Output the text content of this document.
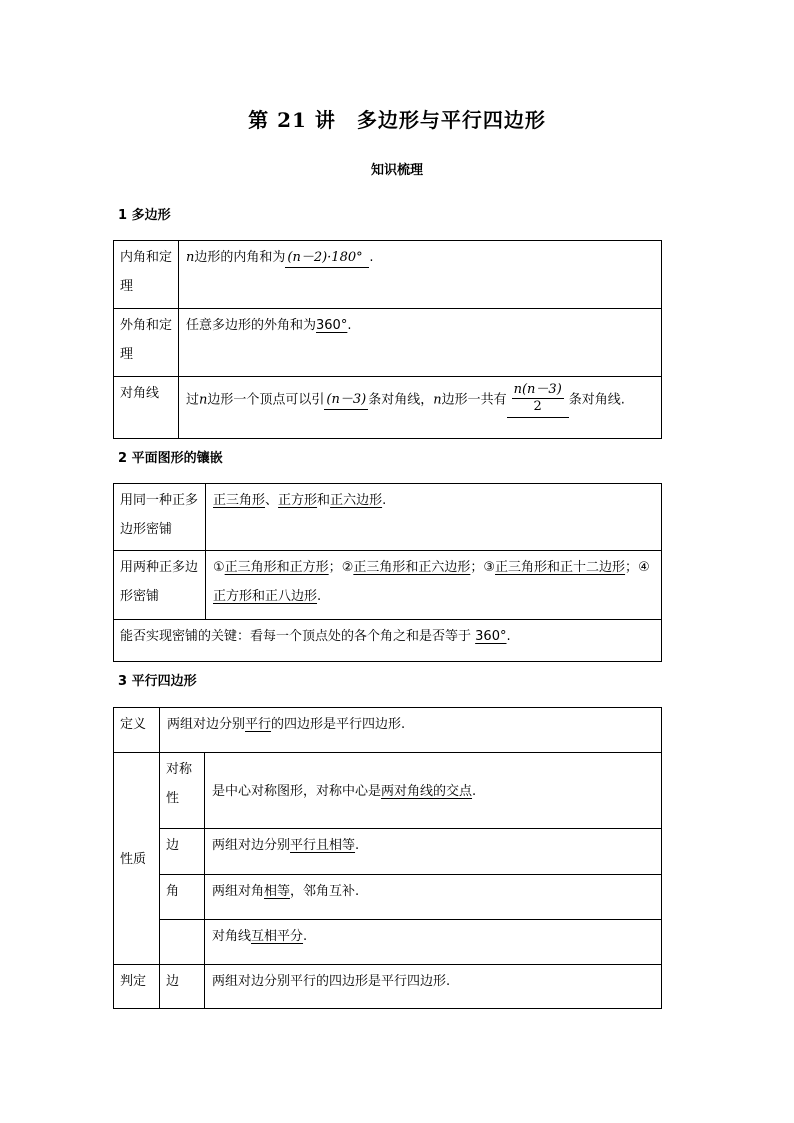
第 21 讲　多边形与平行四边形
知识梳理
1 多边形
内角和定理	n边形的内角和为 (n－2)·180° .
外角和定理	任意多边形的外角和为360°.
对角线	过n边形一个顶点可以引 (n－3) 条对角线，n边形一共有 $\frac{n(n-3)}{2}$ 条对角线.
2 平面图形的镶嵌
用同一种正多边形密铺	正三角形、正方形和正六边形.
用两种正多边形密铺	①正三角形和正方形；②正三角形和正六边形；③正三角形和正十二边形；④正方形和正八边形.
能否实现密铺的关键：看每一个顶点处的各个角之和是否等于 360°.	
3 平行四边形
定义	两组对边分别平行的四边形是平行四边形.	
性质	对称性	是中心对称图形，对称中心是两对角线的交点.
	边	两组对边分别平行且相等.
	角	两组对角相等，邻角互补.
		对角线互相平分.
判定	边	两组对边分别平行的四边形是平行四边形.
